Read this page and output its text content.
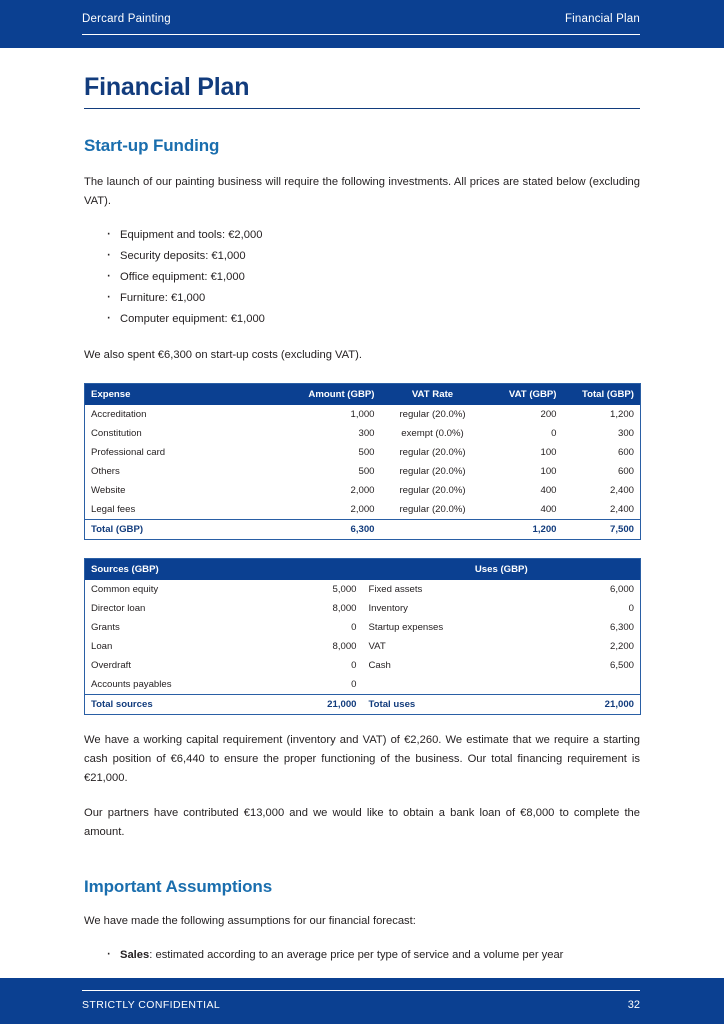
Dercard Painting	Financial Plan
Financial Plan
Start-up Funding

The launch of our painting business will require the following investments. All prices are stated below (excluding VAT).

· Equipment and tools: €2,000
· Security deposits: €1,000
· Office equipment: €1,000
· Furniture: €1,000
· Computer equipment: €1,000

We also spent €6,300 on start-up costs (excluding VAT).

Expense	Amount (GBP)	VAT Rate	VAT (GBP)	Total (GBP)
Accreditation	1,000	regular (20.0%)	200	1,200
Constitution	300	exempt (0.0%)	0	300
Professional card	500	regular (20.0%)	100	600
Others	500	regular (20.0%)	100	600
Website	2,000	regular (20.0%)	400	2,400
Legal fees	2,000	regular (20.0%)	400	2,400
Total (GBP)	6,300		1,200	7,500
Sources (GBP)		Uses (GBP)	
Common equity	5,000	Fixed assets	6,000
Director loan	8,000	Inventory	0
Grants	0	Startup expenses	6,300
Loan	8,000	VAT	2,200
Overdraft	0	Cash	6,500
Accounts payables	0		
Total sources	21,000	Total uses	21,000

We have a working capital requirement (inventory and VAT) of €2,260. We estimate that we require a starting cash position of €6,440 to ensure the proper functioning of the business. Our total financing requirement is €21,000.

Our partners have contributed €13,000 and we would like to obtain a bank loan of €8,000 to complete the amount.

Important Assumptions

We have made the following assumptions for our financial forecast:

· Sales: estimated according to an average price per type of service and a volume per year
STRICTLY CONFIDENTIAL	32
